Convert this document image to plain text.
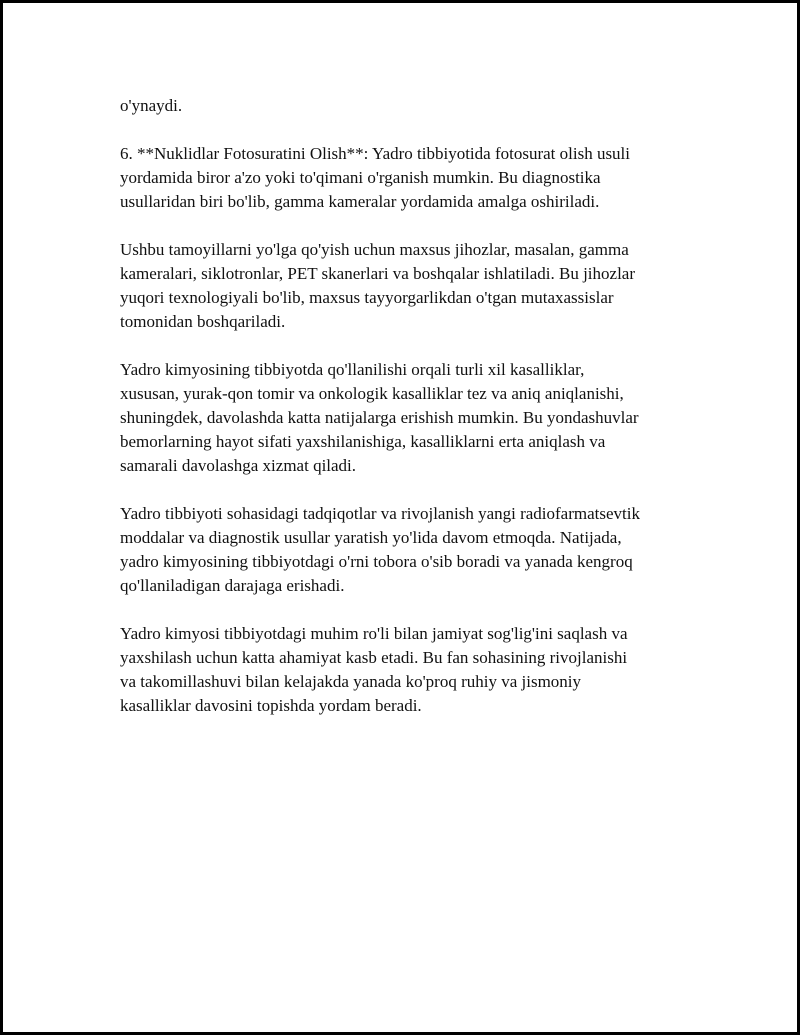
o'ynaydi.

6. **Nuklidlar Fotosuratini Olish**: Yadro tibbiyotida fotosurat olish usuli
yordamida biror a'zo yoki to'qimani o'rganish mumkin. Bu diagnostika
usullaridan biri bo'lib, gamma kameralar yordamida amalga oshiriladi.

Ushbu tamoyillarni yo'lga qo'yish uchun maxsus jihozlar, masalan, gamma
kameralari, siklotronlar, PET skanerlari va boshqalar ishlatiladi. Bu jihozlar
yuqori texnologiyali bo'lib, maxsus tayyorgarlikdan o'tgan mutaxassislar
tomonidan boshqariladi.

Yadro kimyosining tibbiyotda qo'llanilishi orqali turli xil kasalliklar,
xususan, yurak-qon tomir va onkologik kasalliklar tez va aniq aniqlanishi,
shuningdek, davolashda katta natijalarga erishish mumkin. Bu yondashuvlar
bemorlarning hayot sifati yaxshilanishiga, kasalliklarni erta aniqlash va
samarali davolashga xizmat qiladi.

Yadro tibbiyoti sohasidagi tadqiqotlar va rivojlanish yangi radiofarmatsevtik
moddalar va diagnostik usullar yaratish yo'lida davom etmoqda. Natijada,
yadro kimyosining tibbiyotdagi o'rni tobora o'sib boradi va yanada kengroq
qo'llaniladigan darajaga erishadi.

Yadro kimyosi tibbiyotdagi muhim ro'li bilan jamiyat sog'lig'ini saqlash va
yaxshilash uchun katta ahamiyat kasb etadi. Bu fan sohasining rivojlanishi
va takomillashuvi bilan kelajakda yanada ko'proq ruhiy va jismoniy
kasalliklar davosini topishda yordam beradi.
